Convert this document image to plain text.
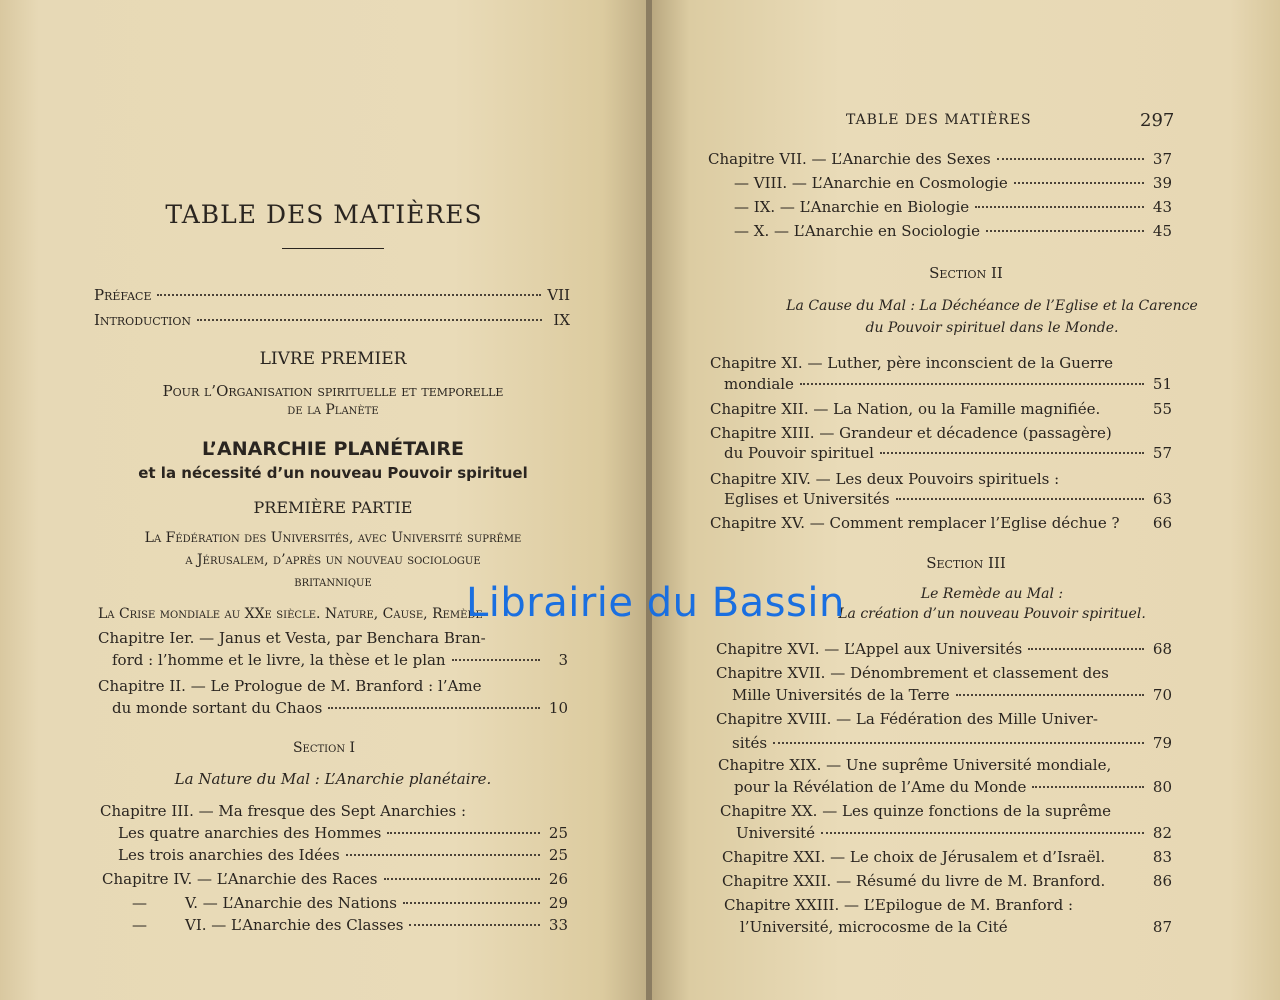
TABLE DES MATIÈRES
Préface	VII
Introduction	IX
LIVRE PREMIER
Pour l’Organisation spirituelle et temporelle
de la Planète
L’ANARCHIE PLANÉTAIRE
et la nécessité d’un nouveau Pouvoir spirituel
PREMIÈRE PARTIE
La Fédération des Universités, avec Université suprême
a Jérusalem, d’après un nouveau sociologue
britannique
La Crise mondiale au XXe siècle. Nature, Cause, Remède
Chapitre Ier. — Janus et Vesta, par Benchara Bran-
ford : l’homme et le livre, la thèse et le plan	3
Chapitre II. — Le Prologue de M. Branford : l’Ame
du monde sortant du Chaos	10
Section I
La Nature du Mal : L’Anarchie planétaire.
Chapitre III. — Ma fresque des Sept Anarchies :
Les quatre anarchies des Hommes	25
Les trois anarchies des Idées	25
Chapitre IV. — L’Anarchie des Races	26
—	V. — L’Anarchie des Nations	29
—	VI. — L’Anarchie des Classes	33
TABLE DES MATIÈRES	297
Chapitre VII. — L’Anarchie des Sexes	37
— VIII. — L’Anarchie en Cosmologie	39
— IX. — L’Anarchie en Biologie	43
— X. — L’Anarchie en Sociologie	45
Section II
La Cause du Mal : La Déchéance de l’Eglise et la Carence
du Pouvoir spirituel dans le Monde.
Chapitre XI. — Luther, père inconscient de la Guerre
mondiale	51
Chapitre XII. — La Nation, ou la Famille magnifiée.	55
Chapitre XIII. — Grandeur et décadence (passagère)
du Pouvoir spirituel	57
Chapitre XIV. — Les deux Pouvoirs spirituels :
Eglises et Universités	63
Chapitre XV. — Comment remplacer l’Eglise déchue ? 66
Section III
Le Remède au Mal :
La création d’un nouveau Pouvoir spirituel.
Chapitre XVI. — L’Appel aux Universités	68
Chapitre XVII. — Dénombrement et classement des
Mille Universités de la Terre	70
Chapitre XVIII. — La Fédération des Mille Univer-
sités	79
Chapitre XIX. — Une suprême Université mondiale,
pour la Révélation de l’Ame du Monde	80
Chapitre XX. — Les quinze fonctions de la suprême
Université	82
Chapitre XXI. — Le choix de Jérusalem et d’Israël.	83
Chapitre XXII. — Résumé du livre de M. Branford.	86
Chapitre XXIII. — L’Epilogue de M. Branford :
l’Université, microcosme de la Cité	87
Librairie du Bassin
